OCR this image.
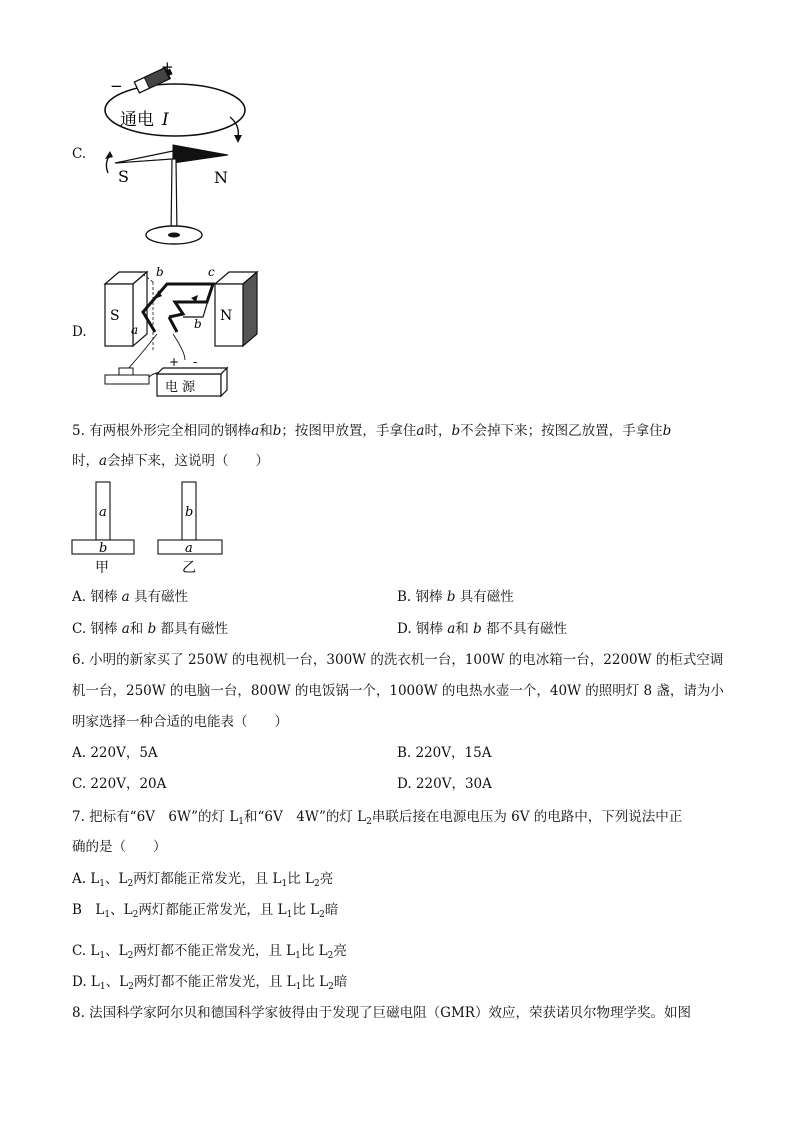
C.
+
−
通电 I
S	N
D.
S	N
b	c
a	b
+ -
电 源
5. 有两根外形完全相同的钢棒a和b；按图甲放置，手拿住a时，b不会掉下来；按图乙放置，手拿住b
时，a会掉下来，这说明（　　）
a
b
甲
b
a
乙
A. 钢棒 a 具有磁性	B. 钢棒 b 具有磁性
C. 钢棒 a和 b 都具有磁性	D. 钢棒 a和 b 都不具有磁性
6. 小明的新家买了 250W 的电视机一台，300W 的洗衣机一台，100W 的电冰箱一台，2200W 的柜式空调
机一台，250W 的电脑一台，800W 的电饭锅一个，1000W 的电热水壶一个，40W 的照明灯 8 盏，请为小
明家选择一种合适的电能表（　　）
A. 220V，5A	B. 220V，15A
C. 220V，20A	D. 220V，30A
7. 把标有“6V　6W”的灯 $L_1$和“6V　4W”的灯 $L_2$串联后接在电源电压为 6V 的电路中，下列说法中正
确的是（　　）
A. $L_1$、$L_2$两灯都能正常发光，且 $L_1$比 $L_2$亮
B　$L_1$、$L_2$两灯都能正常发光，且 $L_1$比 $L_2$暗
C. $L_1$、$L_2$两灯都不能正常发光，且 $L_1$比 $L_2$亮
D. $L_1$、$L_2$两灯都不能正常发光，且 $L_1$比 $L_2$暗
8. 法国科学家阿尔贝和德国科学家彼得由于发现了巨磁电阻（GMR）效应，荣获诺贝尔物理学奖。如图
